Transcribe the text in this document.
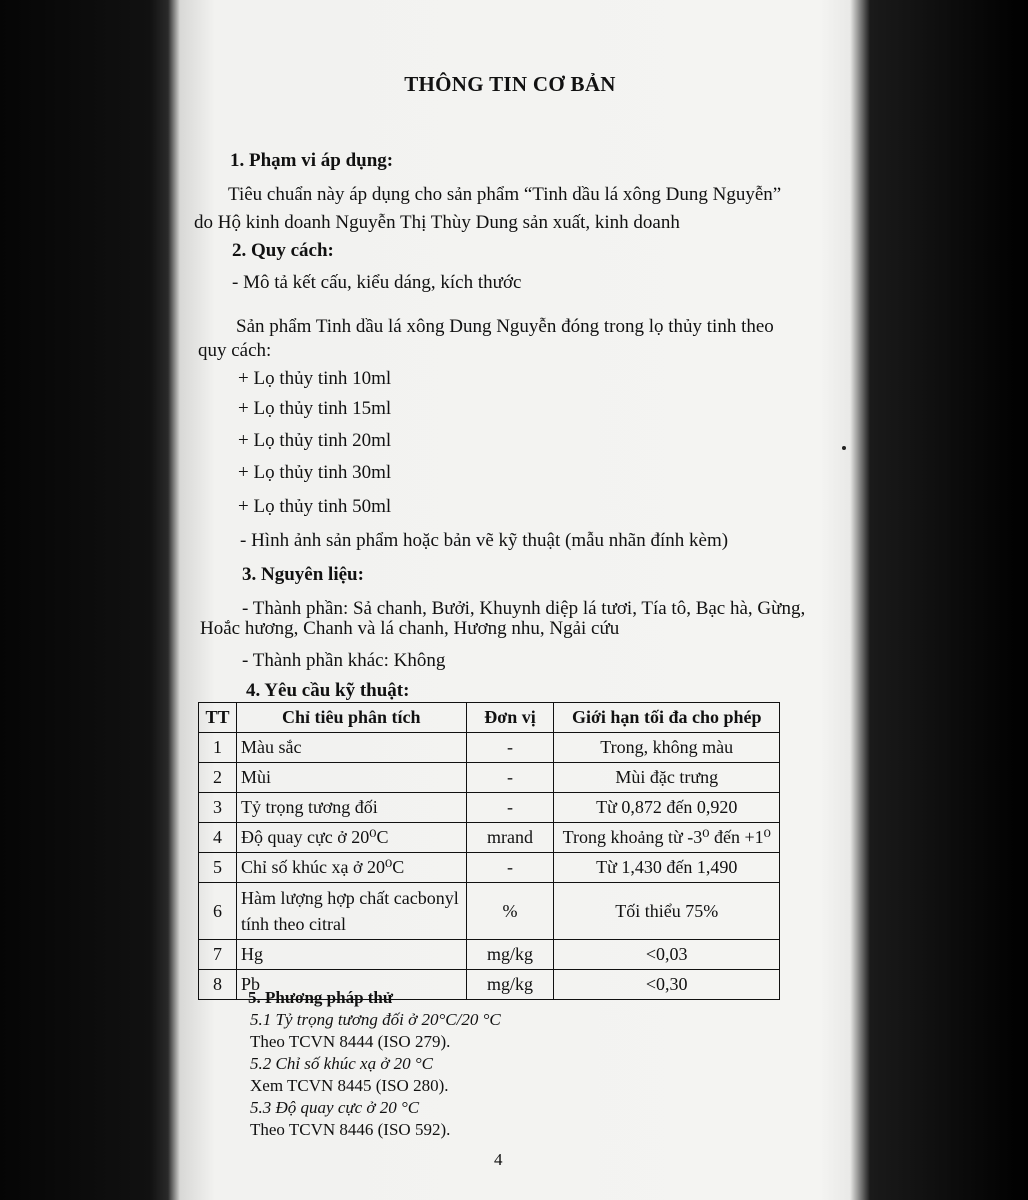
THÔNG TIN CƠ BẢN
1. Phạm vi áp dụng:
Tiêu chuẩn này áp dụng cho sản phẩm “Tinh dầu lá xông Dung Nguyễn”
do Hộ kinh doanh Nguyễn Thị Thùy Dung sản xuất, kinh doanh
2. Quy cách:
- Mô tả kết cấu, kiểu dáng, kích thước
Sản phẩm Tinh dầu lá xông Dung Nguyễn đóng trong lọ thủy tinh theo
quy cách:
+ Lọ thủy tinh 10ml
+ Lọ thủy tinh 15ml
+ Lọ thủy tinh 20ml
+ Lọ thủy tinh 30ml
+ Lọ thủy tinh 50ml
- Hình ảnh sản phẩm hoặc bản vẽ kỹ thuật (mẫu nhãn đính kèm)
3. Nguyên liệu:
- Thành phần: Sả chanh, Bưởi, Khuynh diệp lá tươi, Tía tô, Bạc hà, Gừng,
Hoắc hương, Chanh và lá chanh, Hương nhu, Ngải cứu
- Thành phần khác: Không
4. Yêu cầu kỹ thuật:
TT	Chỉ tiêu phân tích	Đơn vị	Giới hạn tối đa cho phép
1	Màu sắc	-	Trong, không màu
2	Mùi	-	Mùi đặc trưng
3	Tỷ trọng tương đối	-	Từ 0,872 đến 0,920
4	Độ quay cực ở 20⁰C	mrand	Trong khoảng từ -3⁰ đến +1⁰
5	Chỉ số khúc xạ ở 20⁰C	-	Từ 1,430 đến 1,490
6	Hàm lượng hợp chất cacbonyl tính theo citral	%	Tối thiểu 75%
7	Hg	mg/kg	<0,03
8	Pb	mg/kg	<0,30
5. Phương pháp thử
5.1 Tỷ trọng tương đối ở 20°C/20 °C
Theo TCVN 8444 (ISO 279).
5.2 Chỉ số khúc xạ ở 20 °C
Xem TCVN 8445 (ISO 280).
5.3 Độ quay cực ở 20 °C
Theo TCVN 8446 (ISO 592).
4
